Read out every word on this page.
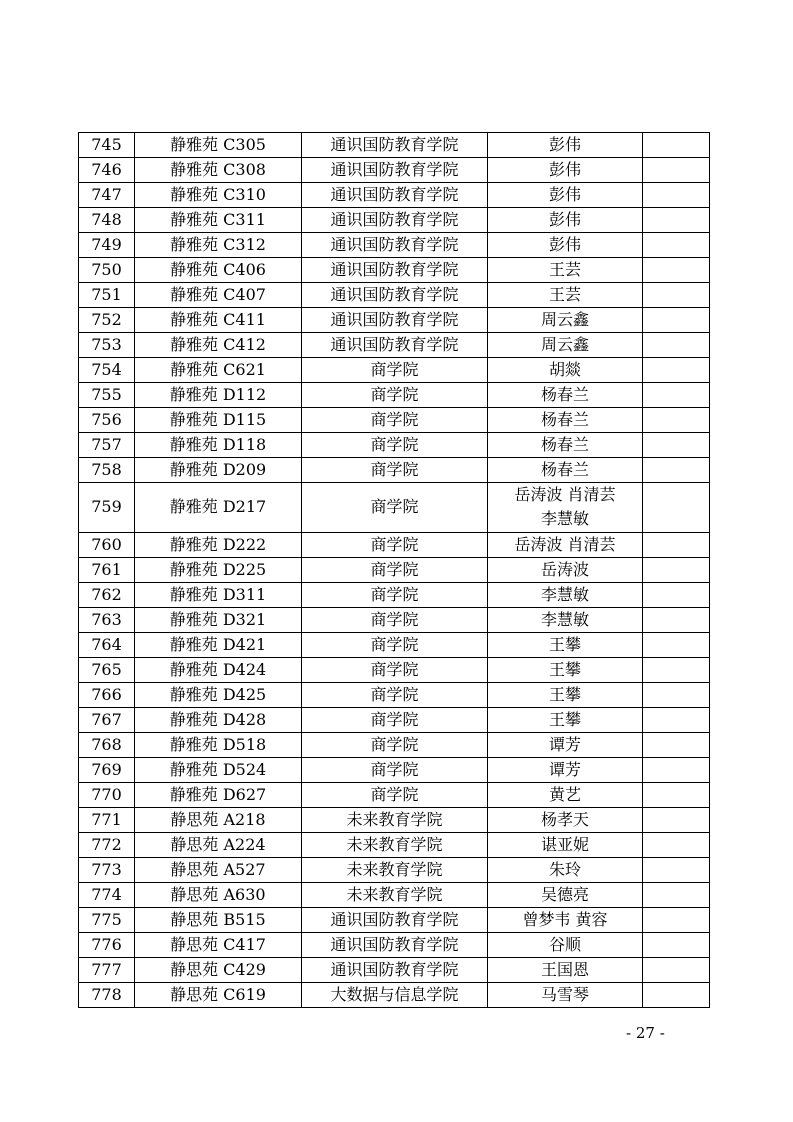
745	静雅苑 C305	通识国防教育学院	彭伟	
746	静雅苑 C308	通识国防教育学院	彭伟	
747	静雅苑 C310	通识国防教育学院	彭伟	
748	静雅苑 C311	通识国防教育学院	彭伟	
749	静雅苑 C312	通识国防教育学院	彭伟	
750	静雅苑 C406	通识国防教育学院	王芸	
751	静雅苑 C407	通识国防教育学院	王芸	
752	静雅苑 C411	通识国防教育学院	周云鑫	
753	静雅苑 C412	通识国防教育学院	周云鑫	
754	静雅苑 C621	商学院	胡燚	
755	静雅苑 D112	商学院	杨春兰	
756	静雅苑 D115	商学院	杨春兰	
757	静雅苑 D118	商学院	杨春兰	
758	静雅苑 D209	商学院	杨春兰	
759	静雅苑 D217	商学院	岳涛波 肖清芸
李慧敏	
760	静雅苑 D222	商学院	岳涛波 肖清芸	
761	静雅苑 D225	商学院	岳涛波	
762	静雅苑 D311	商学院	李慧敏	
763	静雅苑 D321	商学院	李慧敏	
764	静雅苑 D421	商学院	王攀	
765	静雅苑 D424	商学院	王攀	
766	静雅苑 D425	商学院	王攀	
767	静雅苑 D428	商学院	王攀	
768	静雅苑 D518	商学院	谭芳	
769	静雅苑 D524	商学院	谭芳	
770	静雅苑 D627	商学院	黄艺	
771	静思苑 A218	未来教育学院	杨孝天	
772	静思苑 A224	未来教育学院	谌亚妮	
773	静思苑 A527	未来教育学院	朱玲	
774	静思苑 A630	未来教育学院	吴德亮	
775	静思苑 B515	通识国防教育学院	曾梦韦 黄容	
776	静思苑 C417	通识国防教育学院	谷顺	
777	静思苑 C429	通识国防教育学院	王国恩	
778	静思苑 C619	大数据与信息学院	马雪琴	
- 27 -
